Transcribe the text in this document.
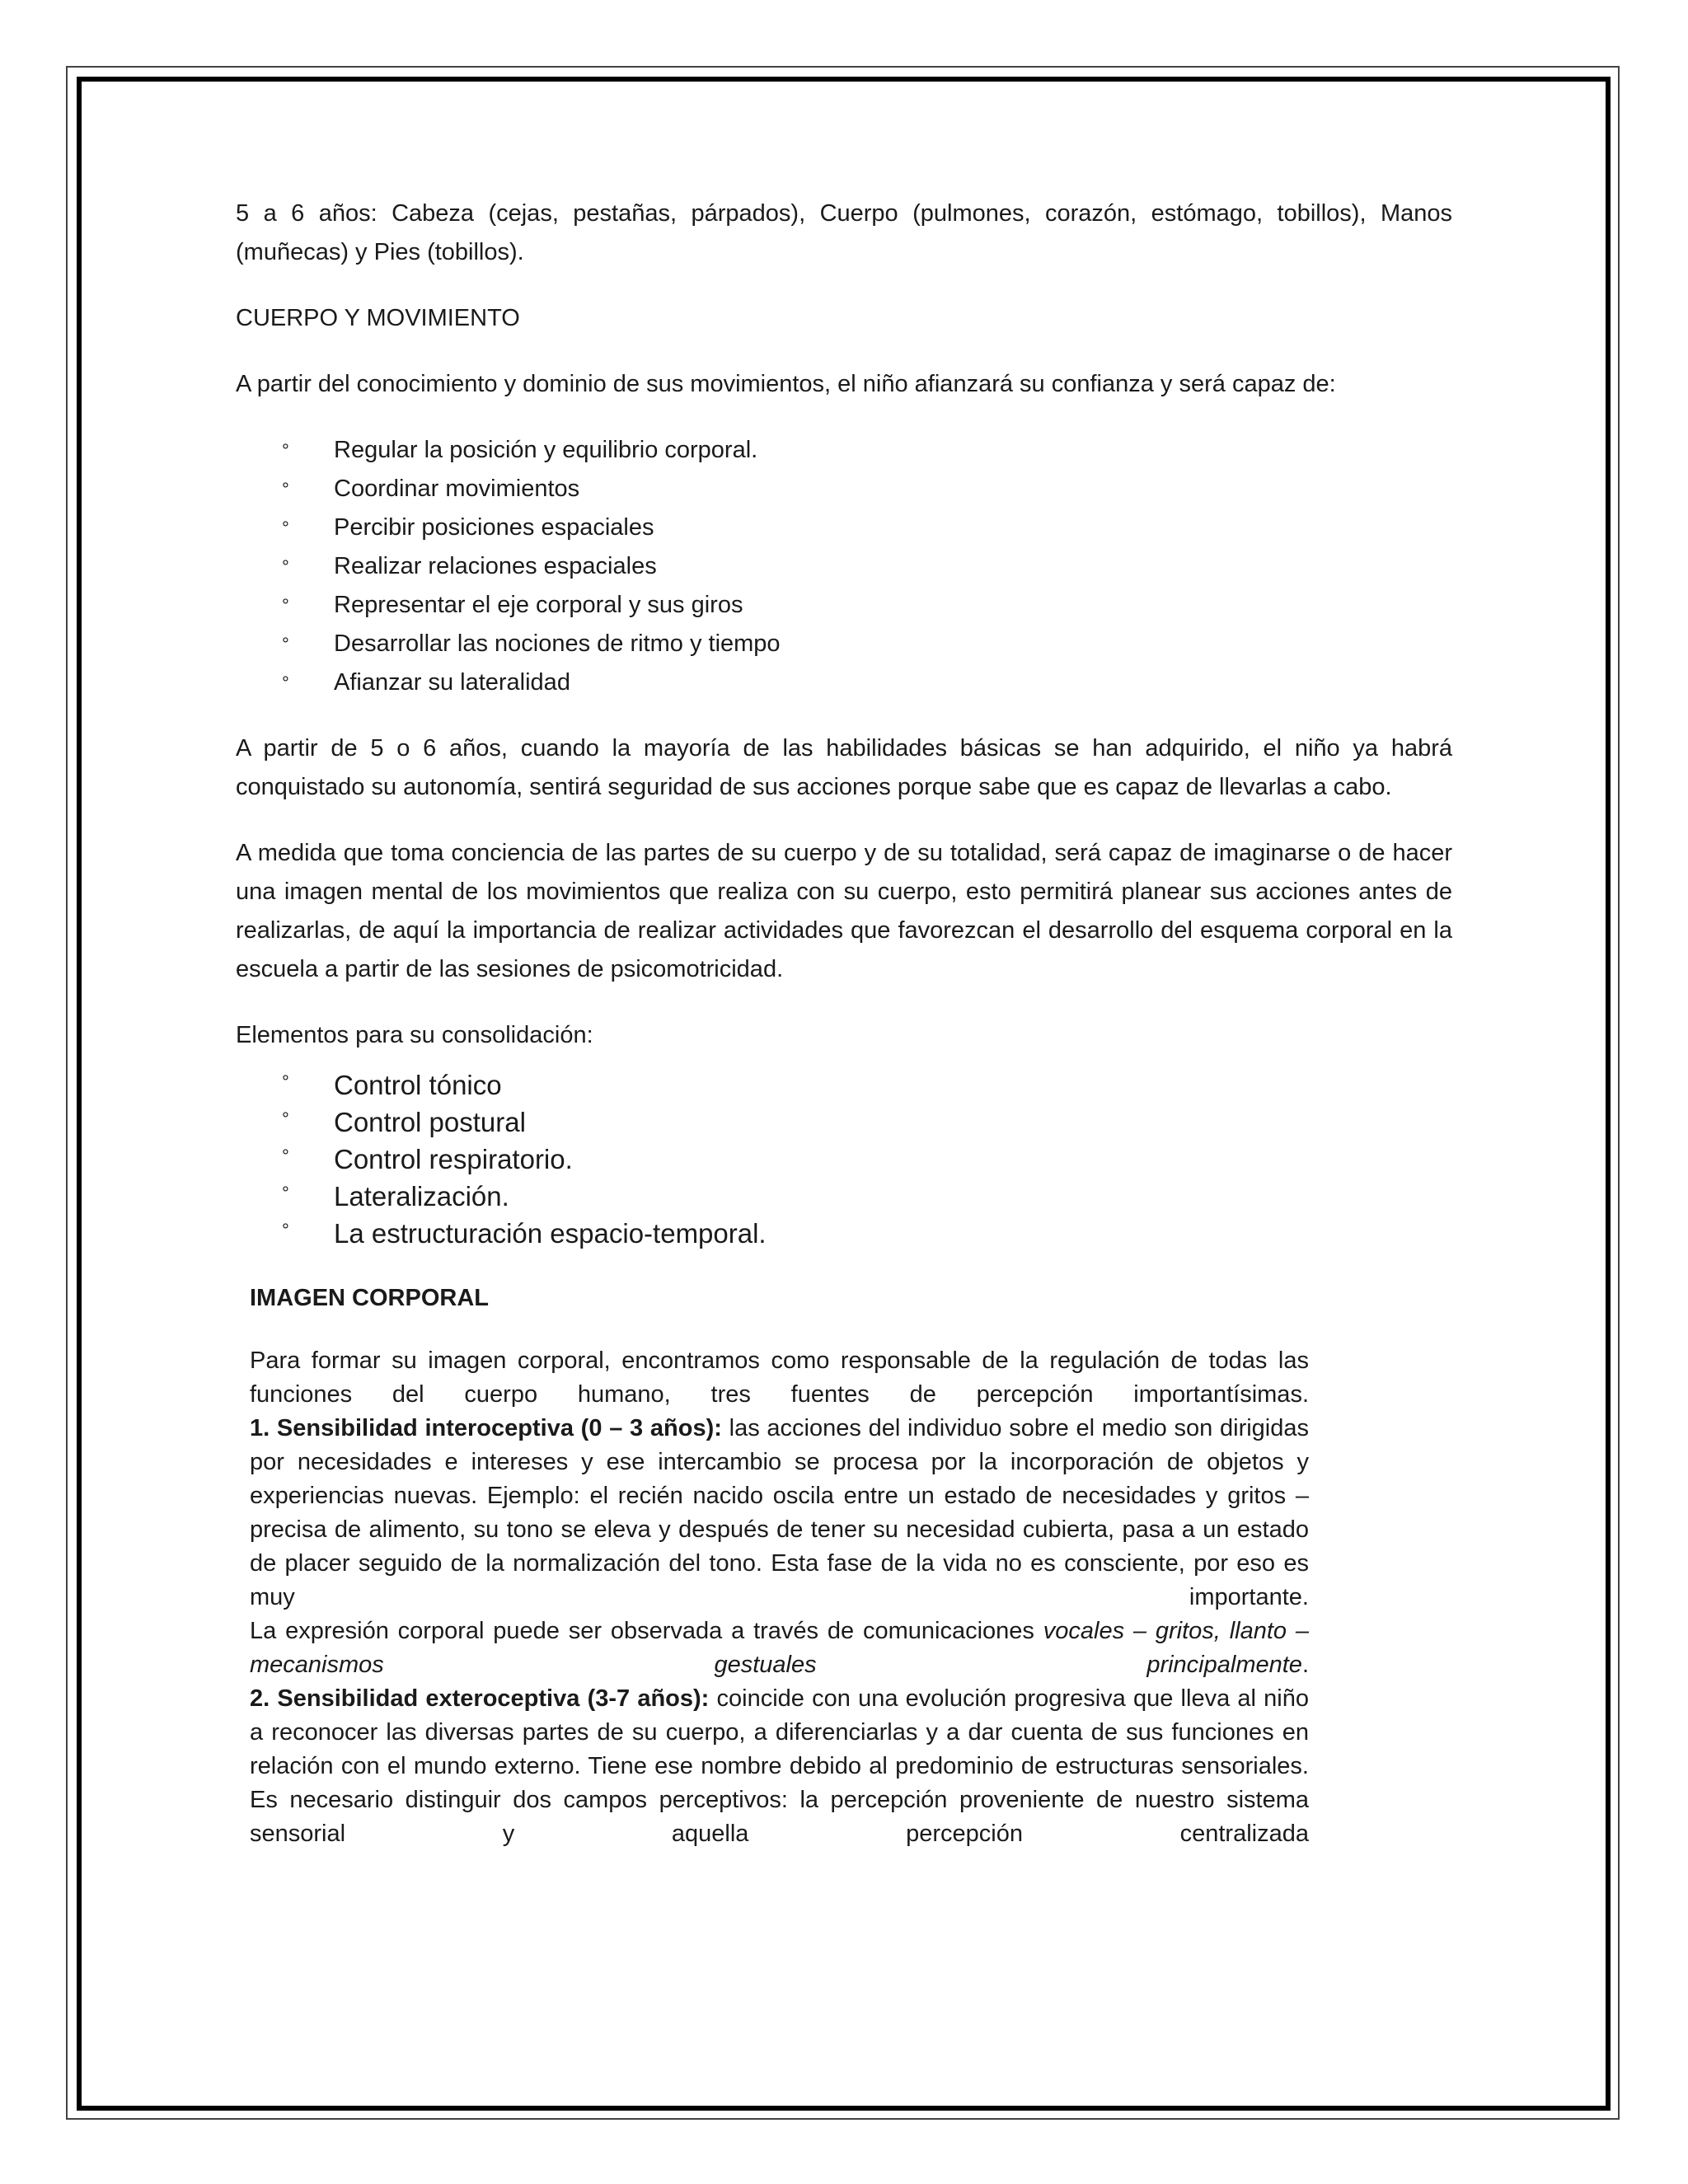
5 a 6 años: Cabeza (cejas, pestañas, párpados), Cuerpo (pulmones, corazón, estómago, tobillos), Manos (muñecas) y Pies (tobillos).

CUERPO Y MOVIMIENTO

A partir del conocimiento y dominio de sus movimientos, el niño afianzará su confianza y será capaz de:

° Regular la posición y equilibrio corporal.
° Coordinar movimientos
° Percibir posiciones espaciales
° Realizar relaciones espaciales
° Representar el eje corporal y sus giros
° Desarrollar las nociones de ritmo y tiempo
° Afianzar su lateralidad

A partir de 5 o 6 años, cuando la mayoría de las habilidades básicas se han adquirido, el niño ya habrá conquistado su autonomía, sentirá seguridad de sus acciones porque sabe que es capaz de llevarlas a cabo.

A medida que toma conciencia de las partes de su cuerpo y de su totalidad, será capaz de imaginarse o de hacer una imagen mental de los movimientos que realiza con su cuerpo, esto permitirá planear sus acciones antes de realizarlas, de aquí la importancia de realizar actividades que favorezcan el desarrollo del esquema corporal en la escuela a partir de las sesiones de psicomotricidad.

Elementos para su consolidación:

° Control tónico
° Control postural
° Control respiratorio.
° Lateralización.
° La estructuración espacio-temporal.
IMAGEN CORPORAL

Para formar su imagen corporal, encontramos como responsable de la regulación de todas las funciones del cuerpo humano, tres fuentes de percepción importantísimas.

1. Sensibilidad interoceptiva (0 – 3 años): las acciones del individuo sobre el medio son dirigidas por necesidades e intereses y ese intercambio se procesa por la incorporación de objetos y experiencias nuevas. Ejemplo: el recién nacido oscila entre un estado de necesidades y gritos – precisa de alimento, su tono se eleva y después de tener su necesidad cubierta, pasa a un estado de placer seguido de la normalización del tono. Esta fase de la vida no es consciente, por eso es muy importante.

La expresión corporal puede ser observada a través de comunicaciones vocales – gritos, llanto – mecanismos gestuales principalmente.

2. Sensibilidad exteroceptiva (3-7 años): coincide con una evolución progresiva que lleva al niño a reconocer las diversas partes de su cuerpo, a diferenciarlas y a dar cuenta de sus funciones en relación con el mundo externo. Tiene ese nombre debido al predominio de estructuras sensoriales. Es necesario distinguir dos campos perceptivos: la percepción proveniente de nuestro sistema sensorial y aquella percepción centralizada
